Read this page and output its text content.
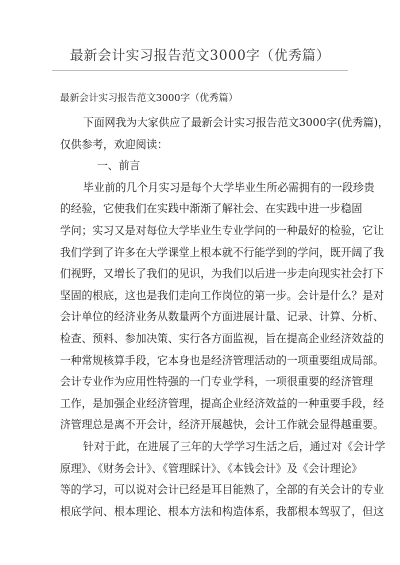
最新会计实习报告范文3000字（优秀篇）
最新会计实习报告范文3000字（优秀篇）
下面网我为大家供应了最新会计实习报告范文3000字(优秀篇)，
仅供参考，欢迎阅读：
一、前言
毕业前的几个月实习是每个大学毕业生所必需拥有的一段珍贵
的经验，它使我们在实践中渐渐了解社会、在实践中进一步稳固
学问；实习又是对每位大学毕业生专业学问的一种最好的检验，它让
我们学到了许多在大学课堂上根本就不行能学到的学问，既开阔了我
们视野，又增长了我们的见识，为我们以后进一步走向现实社会打下
坚固的根底，这也是我们走向工作岗位的第一步。会计是什么？是对
会计单位的经济业务从数量两个方面进展计量、记录、计算、分析、
检查、预料、参加决策、实行各方面监视，旨在提高企业经济效益的
一种常规核算手段，它本身也是经济管理活动的一项重要组成局部。
会计专业作为应用性特强的一门专业学科，一项很重要的经济管理
工作，是加强企业经济管理，提高企业经济效益的一种重要手段，经
济管理总是离不开会计，经济开展越快，会计工作就会显得越重要。
针对于此，在进展了三年的大学学习生活之后，通过对《会计学
原理》、《财务会计》、《管理睬计》、《本钱会计》及《会计理论》
等的学习，可以说对会计已经是耳目能熟了，全部的有关会计的专业
根底学问、根本理论、根本方法和构造体系，我都根本驾驭了，但这
